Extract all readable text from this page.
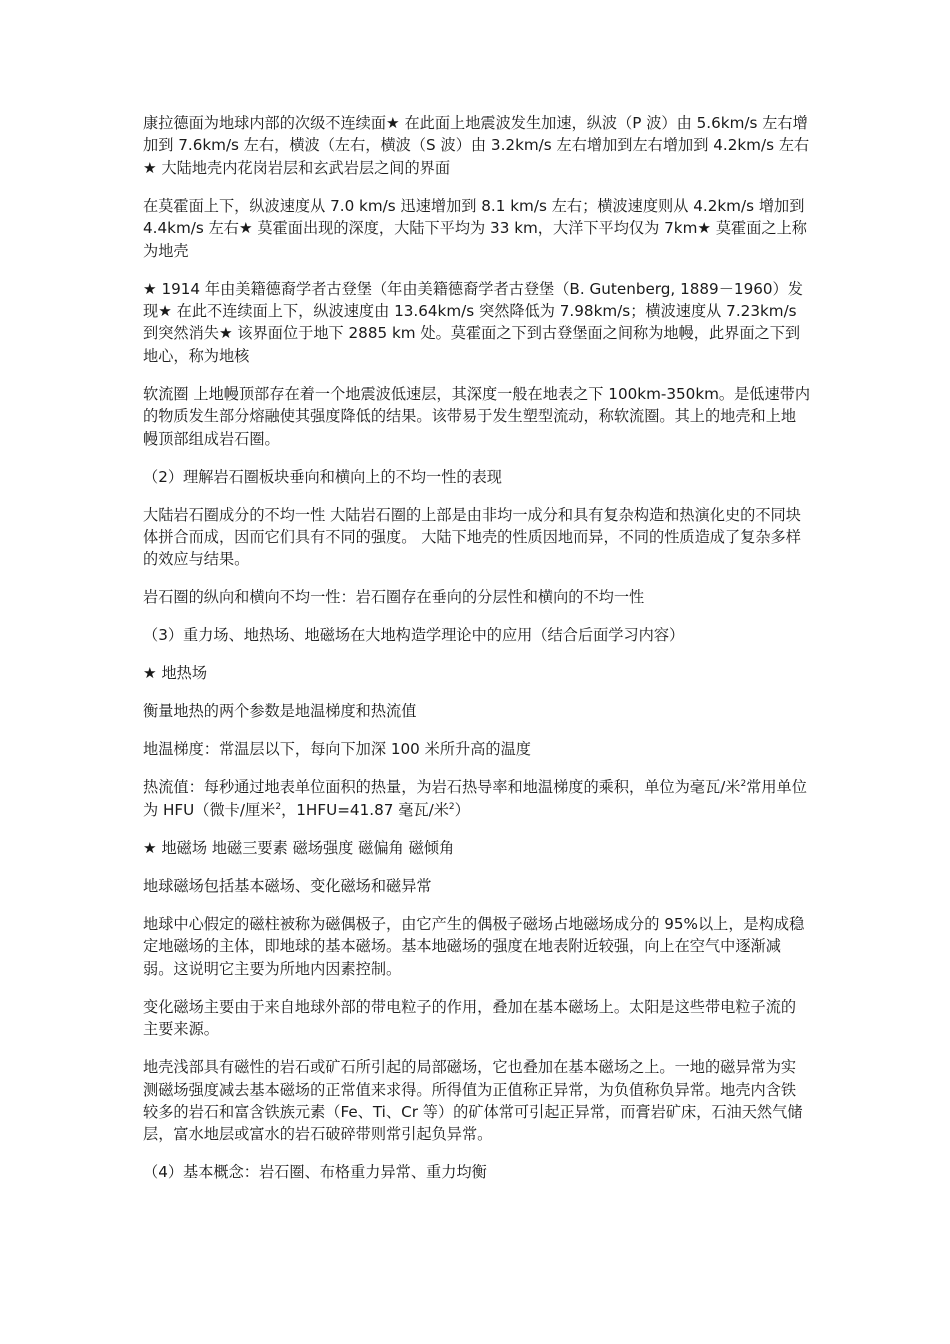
康拉德面为地球内部的次级不连续面★ 在此面上地震波发生加速，纵波（P 波）由 5.6km/s 左右增加到 7.6km/s 左右，横波（左右，横波（S 波）由 3.2km/s 左右增加到左右增加到 4.2km/s 左右★ 大陆地壳内花岗岩层和玄武岩层之间的界面

在莫霍面上下，纵波速度从 7.0 km/s 迅速增加到 8.1 km/s 左右；横波速度则从 4.2km/s 增加到 4.4km/s 左右★ 莫霍面出现的深度，大陆下平均为 33 km，大洋下平均仅为 7km★ 莫霍面之上称为地壳

★ 1914 年由美籍德裔学者古登堡（年由美籍德裔学者古登堡（B. Gutenberg, 1889－1960）发现★ 在此不连续面上下，纵波速度由 13.64km/s 突然降低为 7.98km/s；横波速度从 7.23km/s 到突然消失★ 该界面位于地下 2885 km 处。莫霍面之下到古登堡面之间称为地幔，此界面之下到地心，称为地核

软流圈 上地幔顶部存在着一个地震波低速层，其深度一般在地表之下 100km-350km。是低速带内的物质发生部分熔融使其强度降低的结果。该带易于发生塑型流动，称软流圈。其上的地壳和上地幔顶部组成岩石圈。

（2）理解岩石圈板块垂向和横向上的不均一性的表现

大陆岩石圈成分的不均一性 大陆岩石圈的上部是由非均一成分和具有复杂构造和热演化史的不同块体拼合而成，因而它们具有不同的强度。 大陆下地壳的性质因地而异，不同的性质造成了复杂多样的效应与结果。

岩石圈的纵向和横向不均一性：岩石圈存在垂向的分层性和横向的不均一性

（3）重力场、地热场、地磁场在大地构造学理论中的应用（结合后面学习内容）

★ 地热场

衡量地热的两个参数是地温梯度和热流值

地温梯度：常温层以下，每向下加深 100 米所升高的温度

热流值：每秒通过地表单位面积的热量，为岩石热导率和地温梯度的乘积，单位为毫瓦/米$^2$常用单位为 HFU（微卡/厘米$^2$，1HFU=41.87 毫瓦/米$^2$）

★ 地磁场 地磁三要素 磁场强度 磁偏角 磁倾角

地球磁场包括基本磁场、变化磁场和磁异常

地球中心假定的磁柱被称为磁偶极子，由它产生的偶极子磁场占地磁场成分的 95%以上，是构成稳定地磁场的主体，即地球的基本磁场。基本地磁场的强度在地表附近较强，向上在空气中逐渐减弱。这说明它主要为所地内因素控制。

变化磁场主要由于来自地球外部的带电粒子的作用，叠加在基本磁场上。太阳是这些带电粒子流的主要来源。

地壳浅部具有磁性的岩石或矿石所引起的局部磁场，它也叠加在基本磁场之上。一地的磁异常为实测磁场强度减去基本磁场的正常值来求得。所得值为正值称正异常，为负值称负异常。地壳内含铁较多的岩石和富含铁族元素（Fe、Ti、Cr 等）的矿体常可引起正异常，而膏岩矿床，石油天然气储层，富水地层或富水的岩石破碎带则常引起负异常。

（4）基本概念：岩石圈、布格重力异常、重力均衡
